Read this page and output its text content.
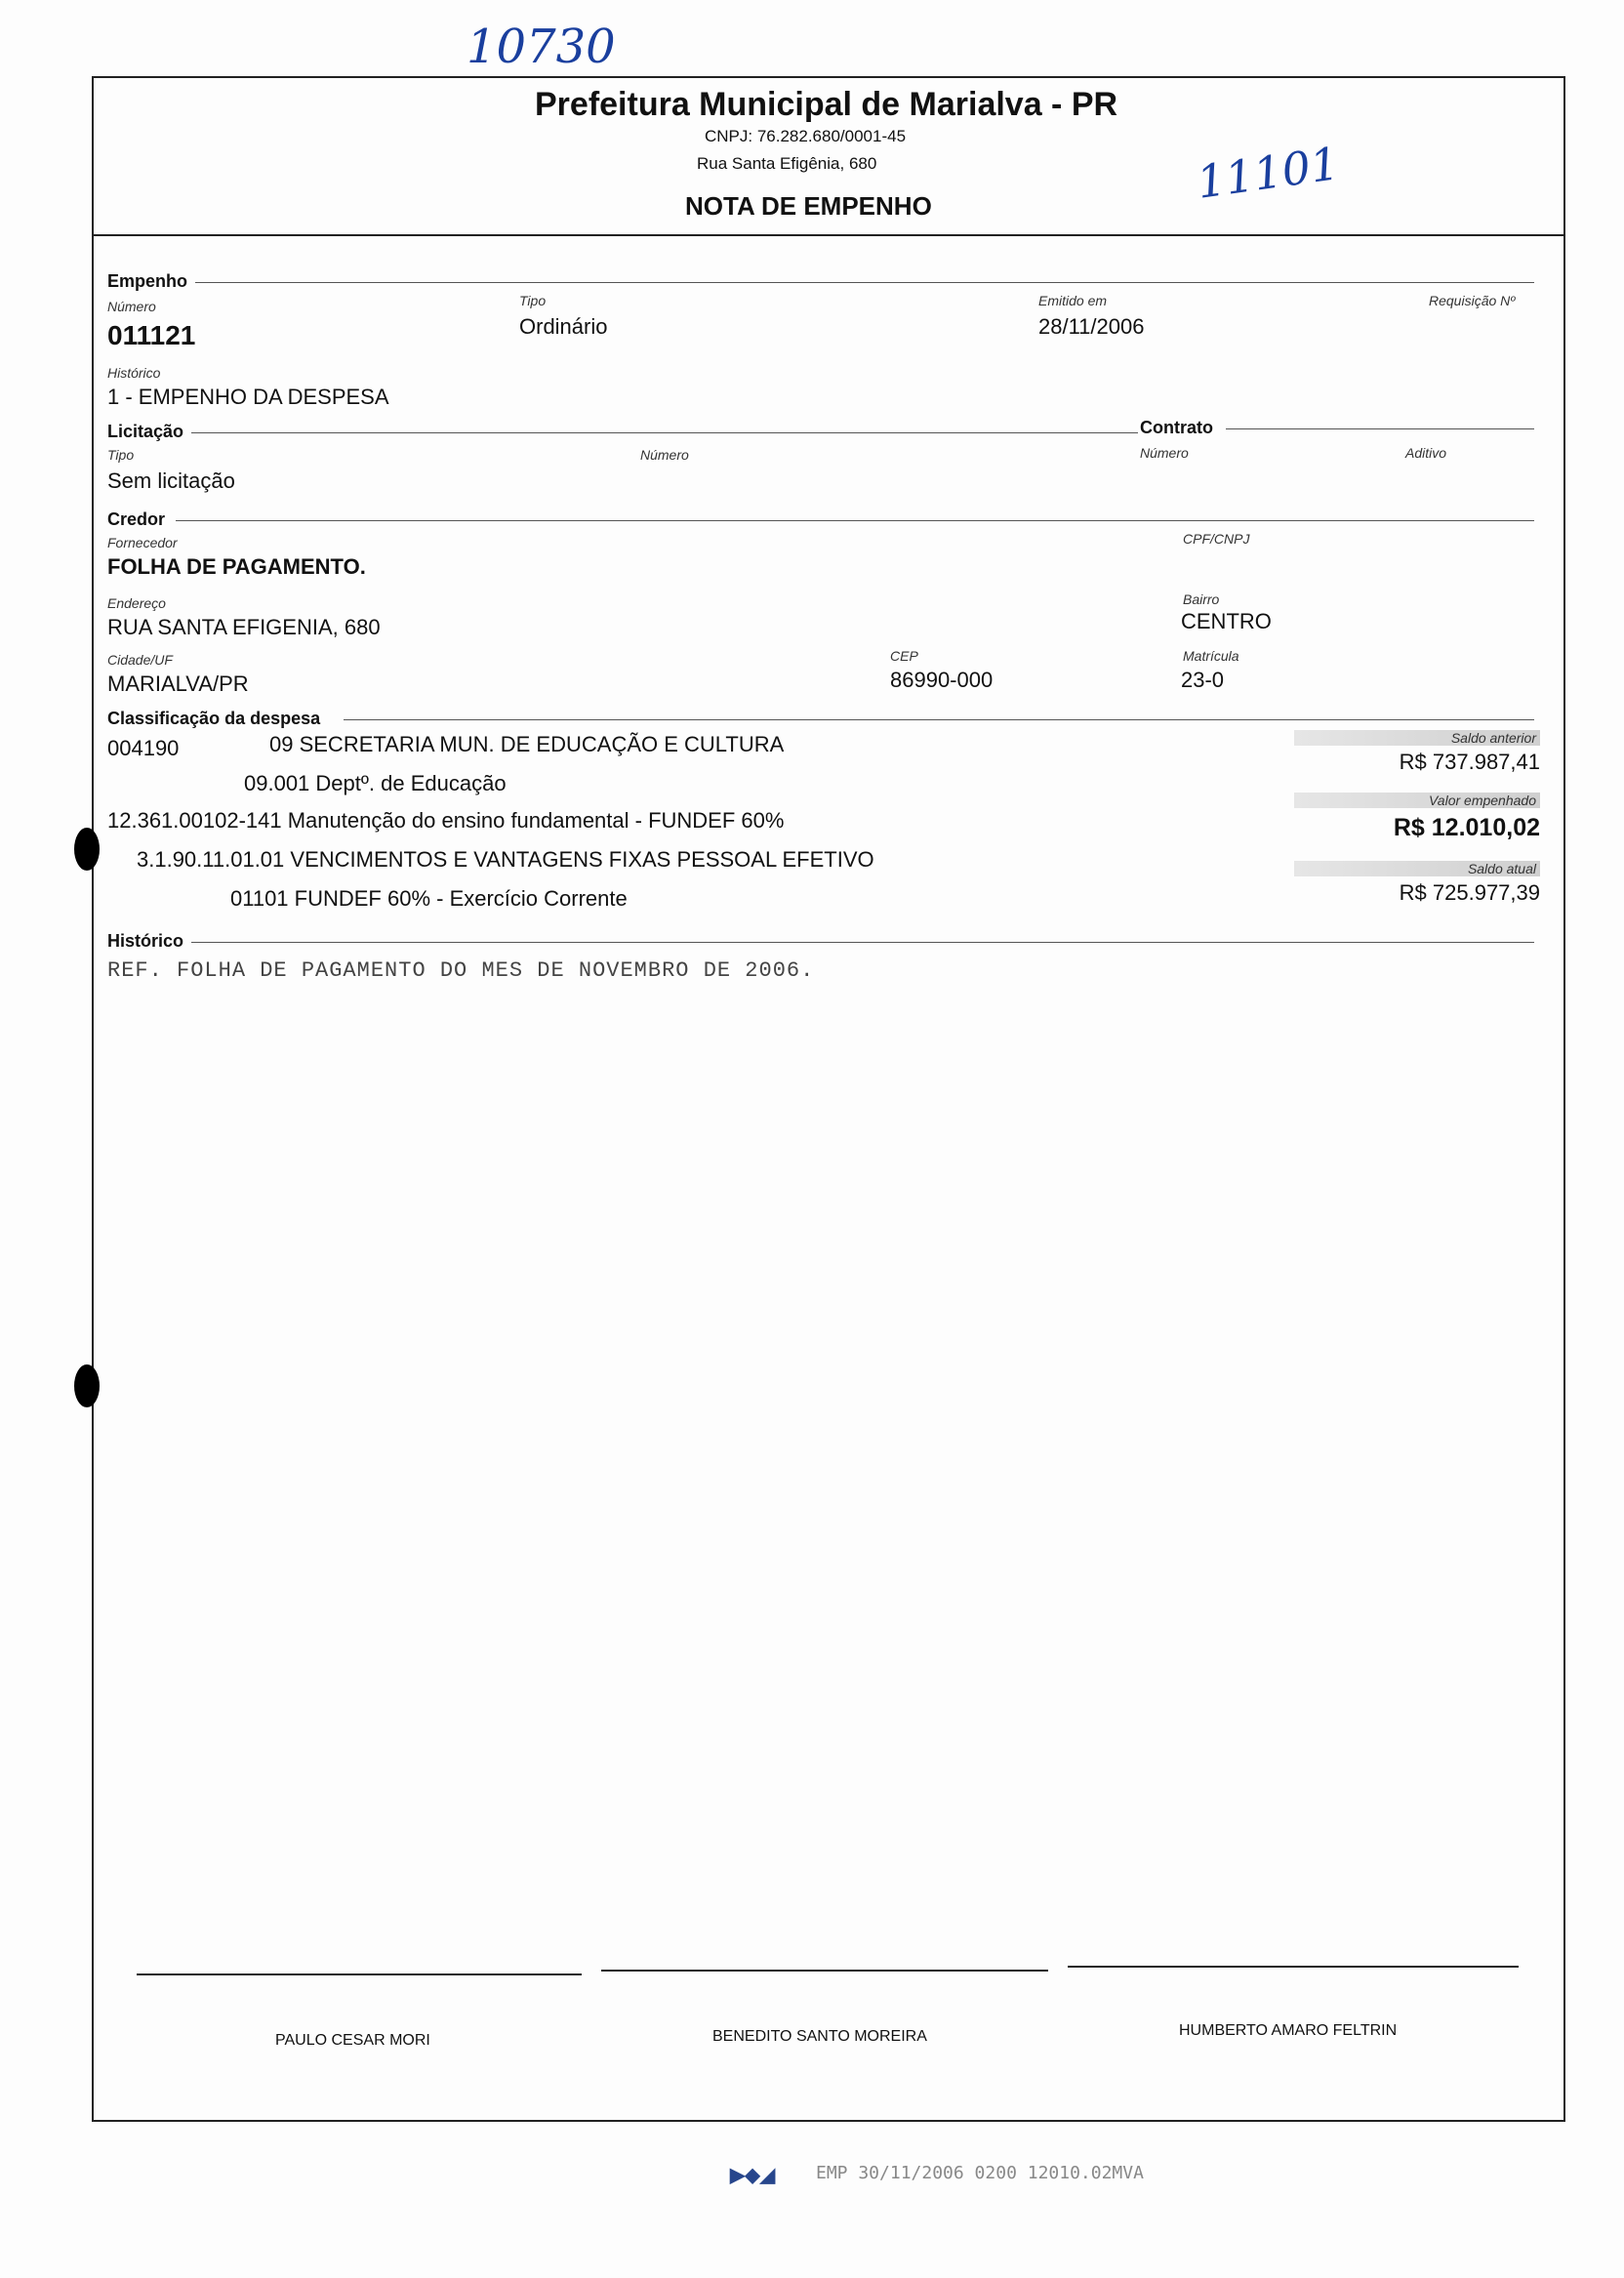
10730
11101
Prefeitura Municipal de Marialva - PR
CNPJ: 76.282.680/0001-45
Rua Santa Efigênia, 680
NOTA DE EMPENHO
Empenho
Número
011121
Tipo
Ordinário
Emitido em
28/11/2006
Requisição Nº
Histórico
1 - EMPENHO DA DESPESA
Licitação	Contrato
Tipo
Sem licitação
Número	Número	Aditivo
Credor
Fornecedor
FOLHA DE PAGAMENTO.
CPF/CNPJ
Endereço
RUA SANTA EFIGENIA, 680
Bairro
CENTRO
Cidade/UF
MARIALVA/PR
CEP
86990-000
Matrícula
23-0
Classificação da despesa
004190	09 SECRETARIA MUN. DE EDUCAÇÃO E CULTURA
09.001 Deptº. de Educação
12.361.00102-141 Manutenção do ensino fundamental - FUNDEF 60%
3.1.90.11.01.01 VENCIMENTOS E VANTAGENS FIXAS PESSOAL EFETIVO
01101 FUNDEF 60% - Exercício Corrente
Saldo anterior
R$ 737.987,41
Valor empenhado
R$ 12.010,02
Saldo atual
R$ 725.977,39
Histórico
REF. FOLHA DE PAGAMENTO DO MES DE NOVEMBRO DE 2006.
PAULO CESAR MORI	BENEDITO SANTO MOREIRA	HUMBERTO AMARO FELTRIN
▶◆◢ EMP 30/11/2006 0200 12010.02MVA
